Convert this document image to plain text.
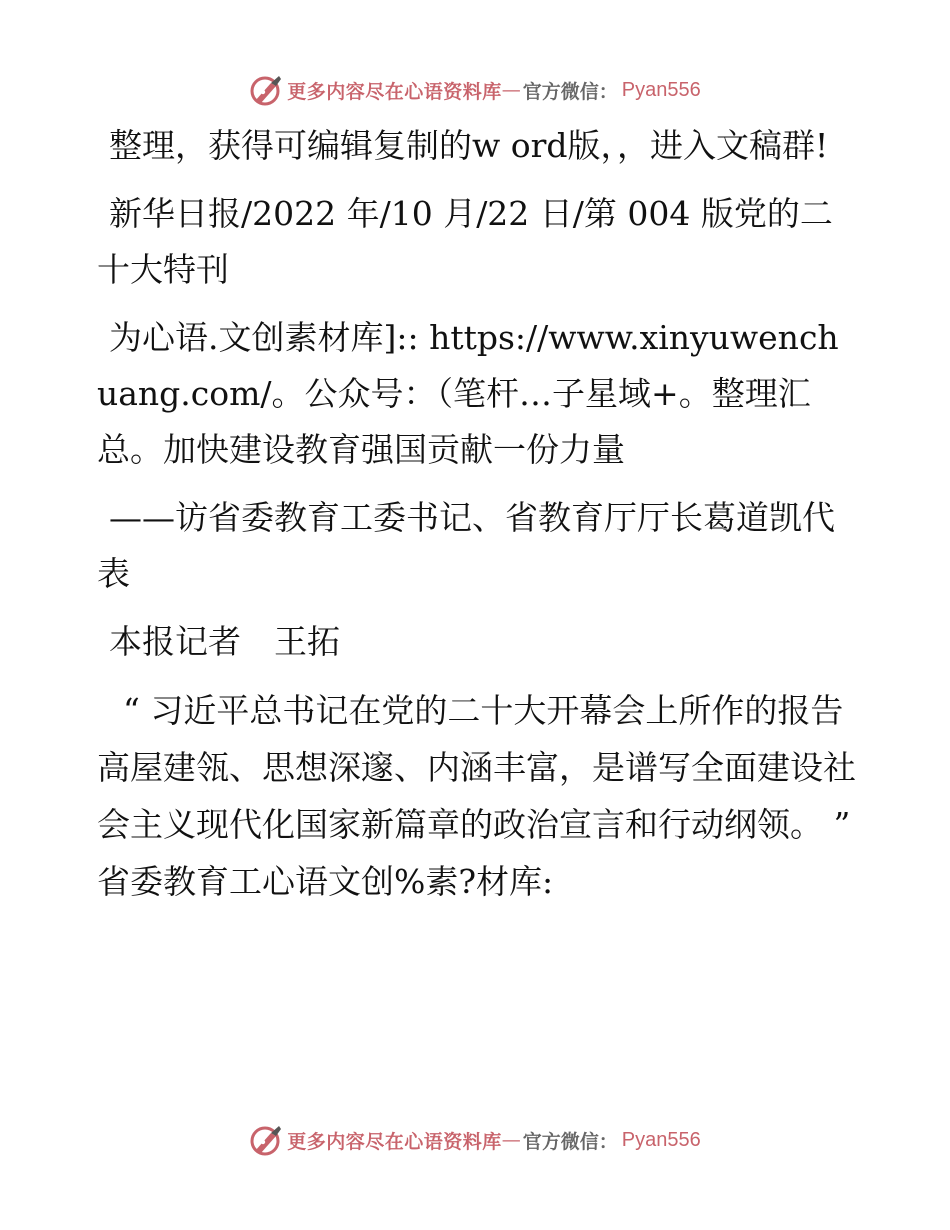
更多内容尽在心语资料库 — 官方微信： Pyan556

整理，获得可编辑复制的w ord版，，进入文稿群!

新华日报/2022 年/10 月/22 日/第 004 版党的二十大特刊

为心语.文创素材库]:: https://www.xinyuwenchuang.com/。公众号：（笔杆…子星域+。整理汇总。加快建设教育强国贡献一份力量

——访省委教育工委书记、省教育厅厅长葛道凯代表

本报记者　王拓

“ 习近平总书记在党的二十大开幕会上所作的报告高屋建瓴、思想深邃、内涵丰富，是谱写全面建设社会主义现代化国家新篇章的政治宣言和行动纲领。 ” 省委教育工心语文创%素?材库:

更多内容尽在心语资料库 — 官方微信： Pyan556
